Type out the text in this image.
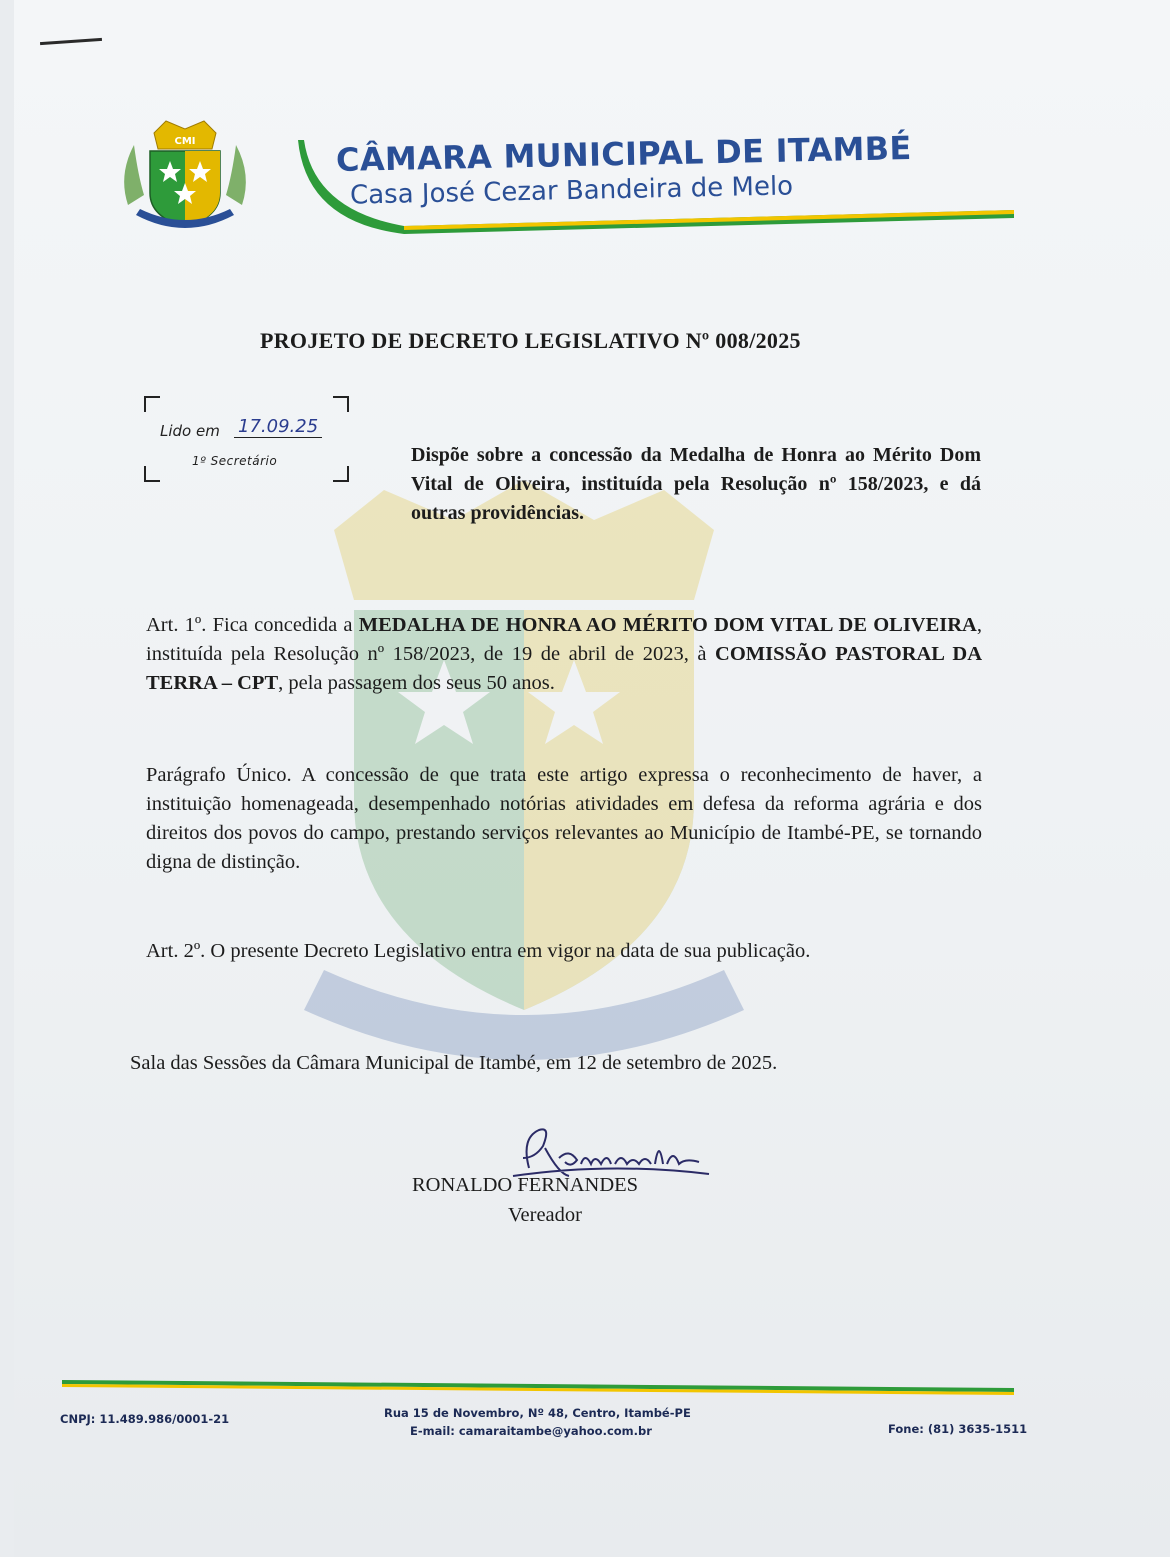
CMI	CÂMARA MUNICIPAL DE ITAMBÉ
Casa José Cezar Bandeira de Melo
PROJETO DE DECRETO LEGISLATIVO Nº 008/2025
Lido em 17.09.25
1º Secretário	Dispõe sobre a concessão da Medalha de Honra ao Mérito Dom Vital de Oliveira, instituída pela Resolução nº 158/2023, e dá outras providências.
Art. 1º. Fica concedida a MEDALHA DE HONRA AO MÉRITO DOM VITAL DE OLIVEIRA, instituída pela Resolução nº 158/2023, de 19 de abril de 2023, à COMISSÃO PASTORAL DA TERRA – CPT, pela passagem dos seus 50 anos.
Parágrafo Único. A concessão de que trata este artigo expressa o reconhecimento de haver, a instituição homenageada, desempenhado notórias atividades em defesa da reforma agrária e dos direitos dos povos do campo, prestando serviços relevantes ao Município de Itambé-PE, se tornando digna de distinção.
Art. 2º. O presente Decreto Legislativo entra em vigor na data de sua publicação.
Sala das Sessões da Câmara Municipal de Itambé, em 12 de setembro de 2025.
RONALDO FERNANDES
Vereador
CNPJ: 11.489.986/0001-21	Rua 15 de Novembro, Nº 48, Centro, Itambé-PE
E-mail: camaraitambe@yahoo.com.br	Fone: (81) 3635-1511
